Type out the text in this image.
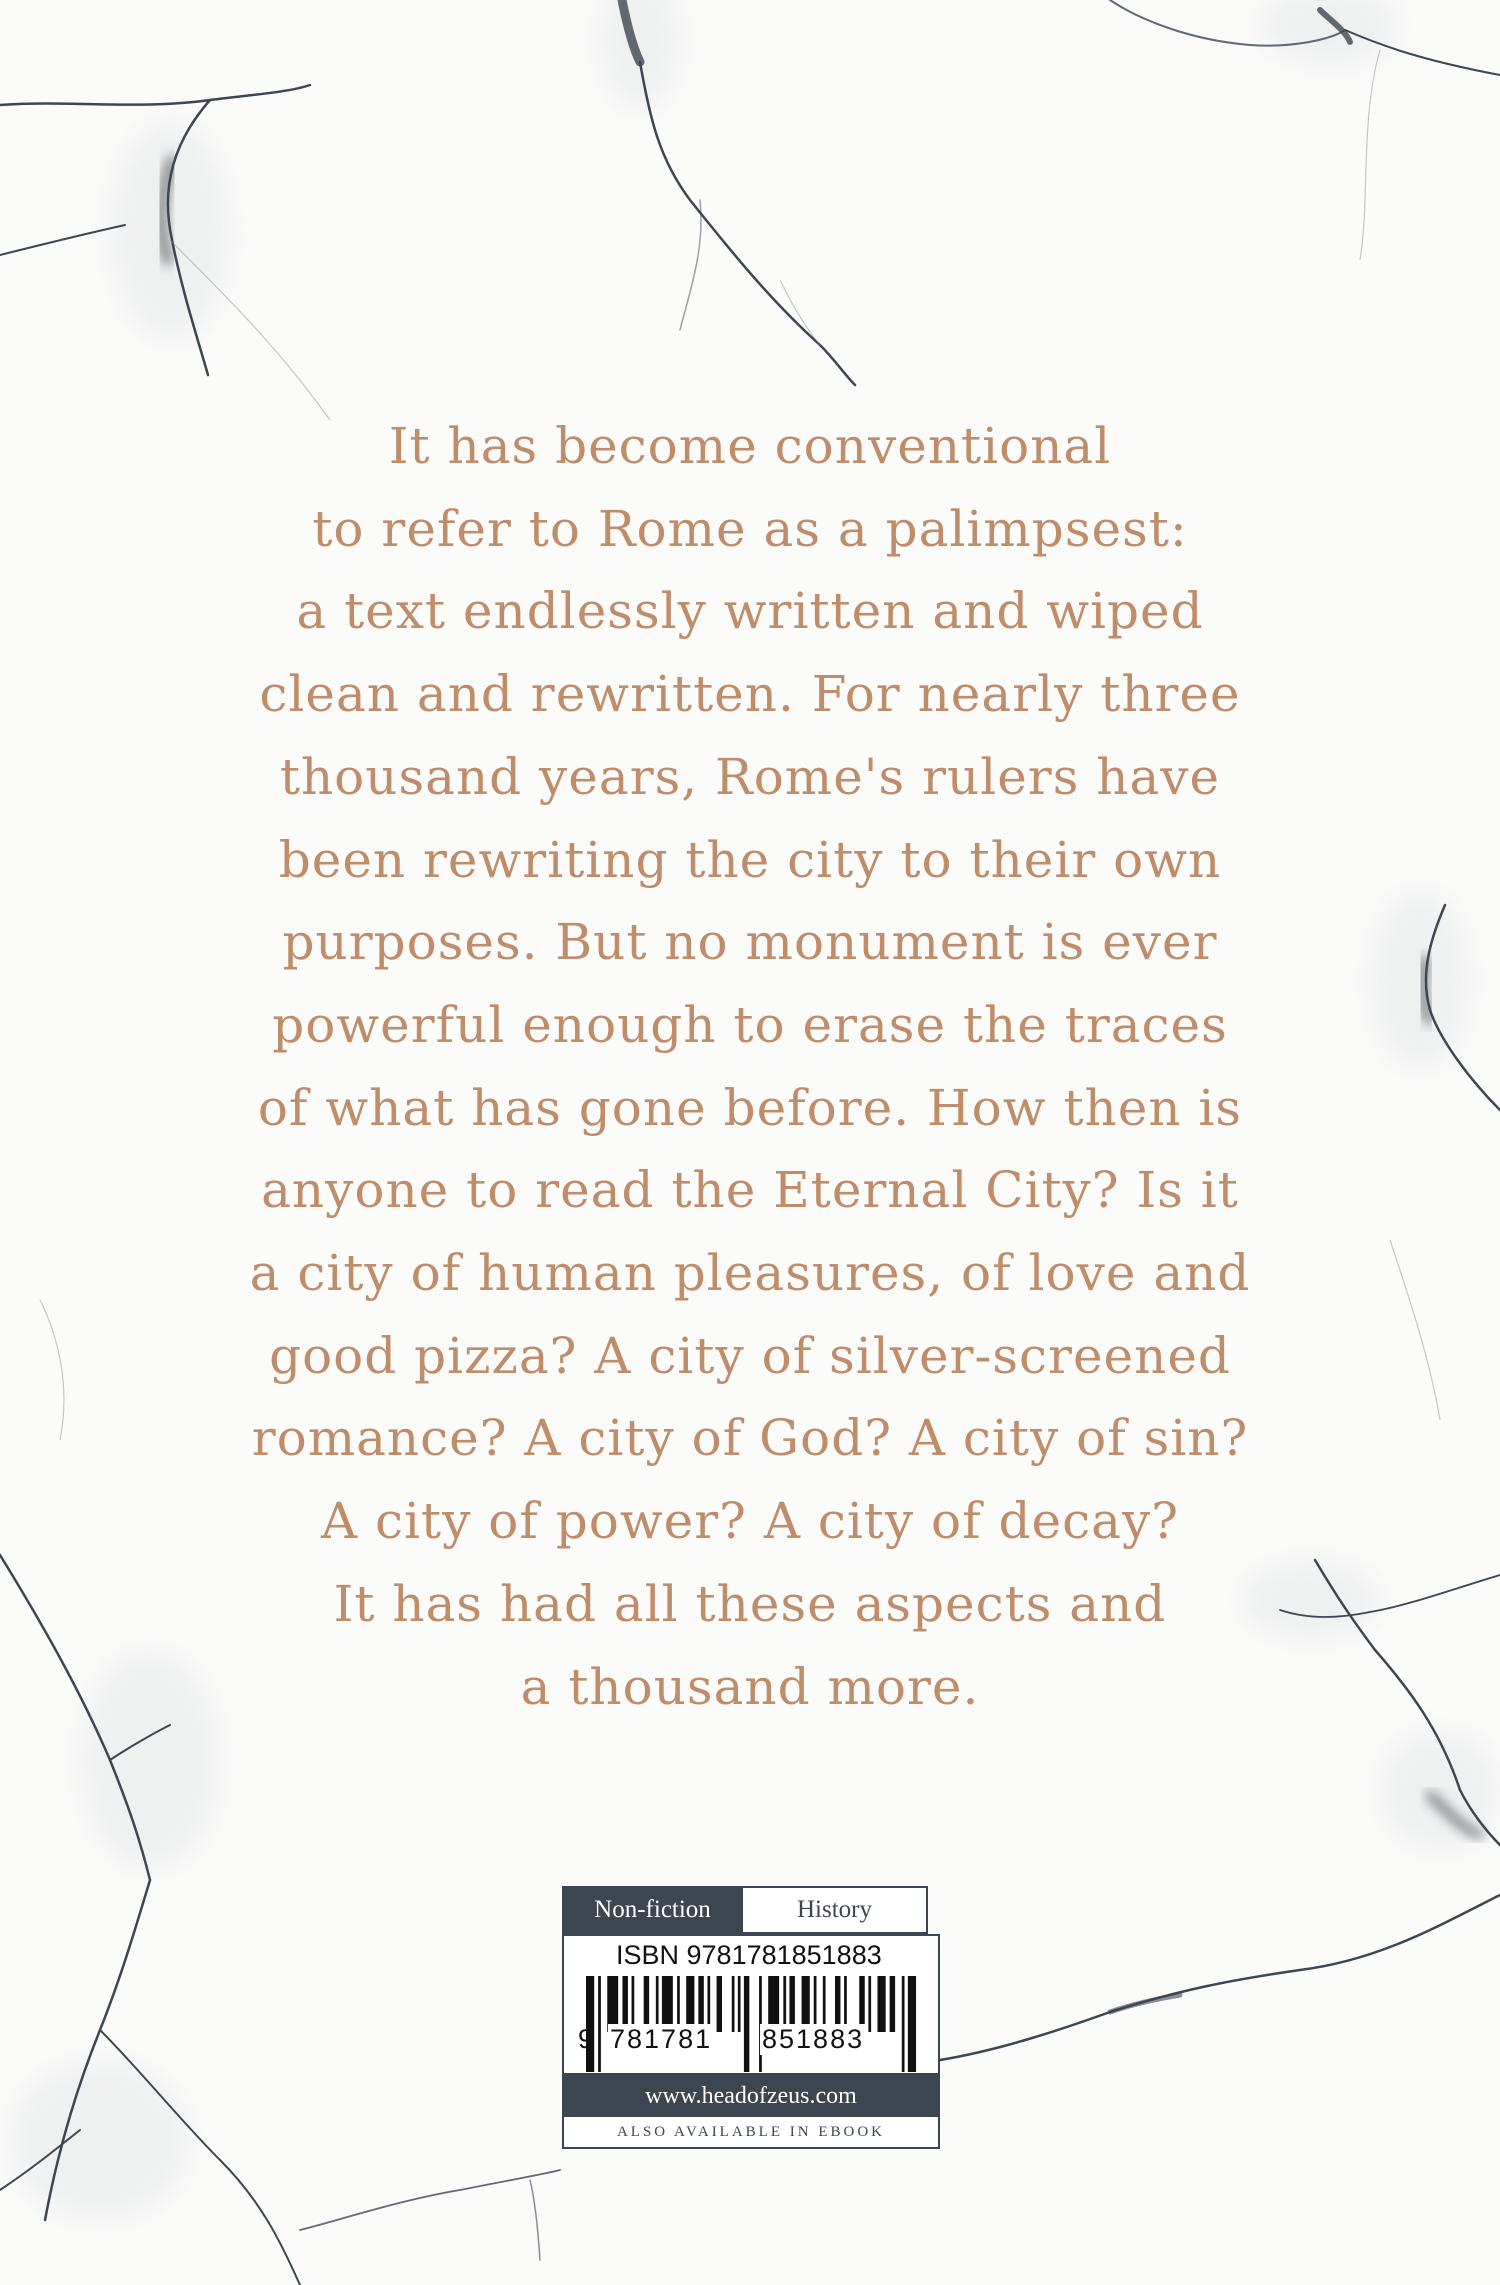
It has become conventional
to refer to Rome as a palimpsest:
a text endlessly written and wiped
clean and rewritten. For nearly three
thousand years, Rome's rulers have
been rewriting the city to their own
purposes. But no monument is ever
powerful enough to erase the traces
of what has gone before. How then is
anyone to read the Eternal City? Is it
a city of human pleasures, of love and
good pizza? A city of silver-screened
romance? A city of God? A city of sin?
A city of power? A city of decay?
It has had all these aspects and
a thousand more.
Non-fiction	History
ISBN 9781781851883
9 781781 851883
www.headofzeus.com
ALSO AVAILABLE IN EBOOK
